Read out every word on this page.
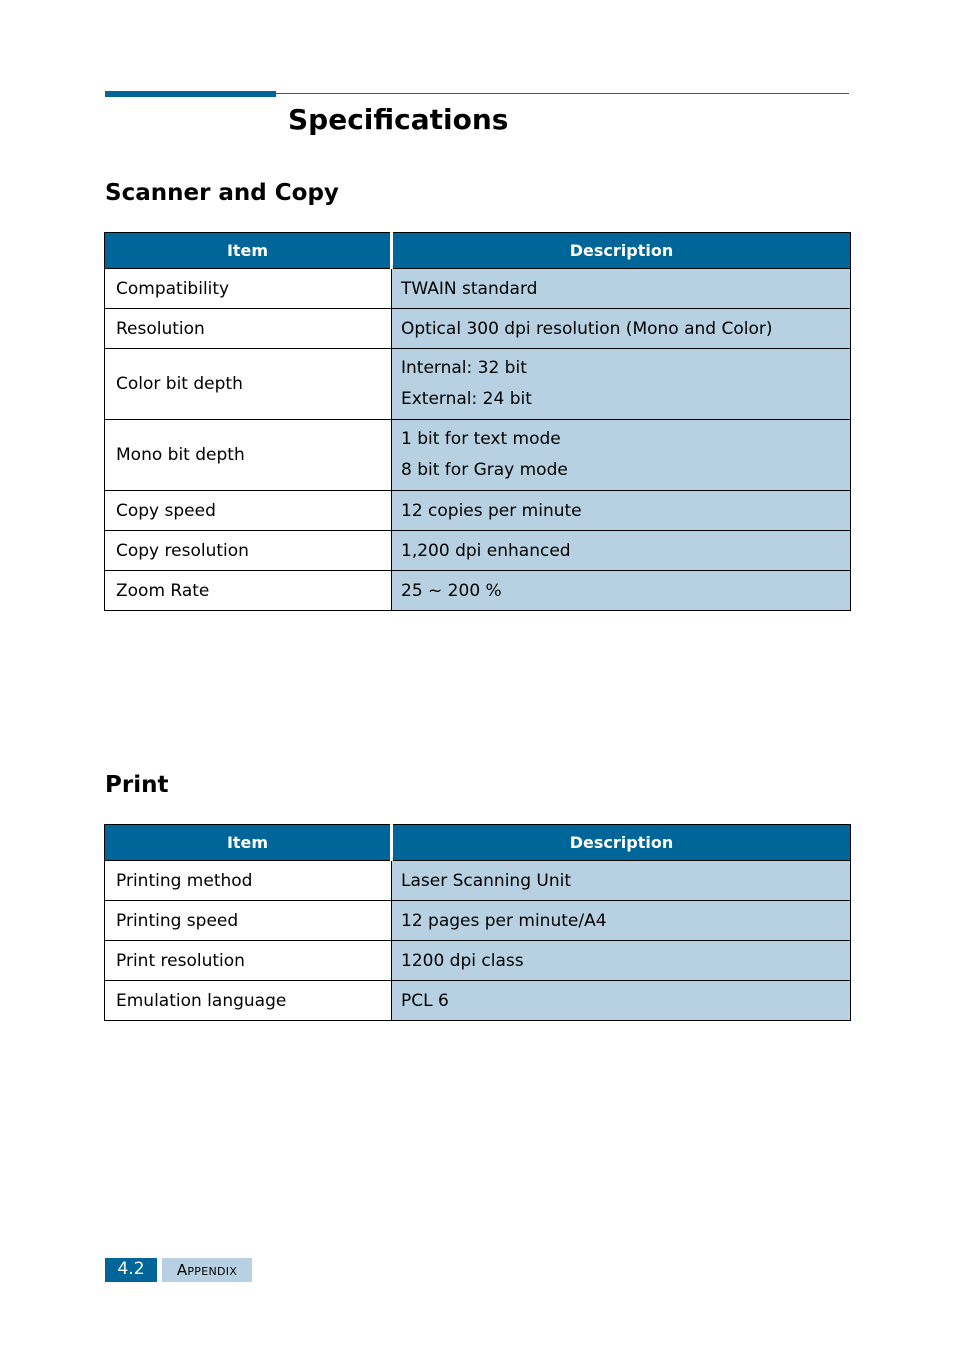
Specifications
Scanner and Copy
Item	Description
Compatibility	TWAIN standard
Resolution	Optical 300 dpi resolution (Mono and Color)
Color bit depth	Internal: 32 bit
External: 24 bit

Mono bit depth	1 bit for text mode
8 bit for Gray mode

Copy speed	12 copies per minute
Copy resolution	1,200 dpi enhanced
Zoom Rate	25 ~ 200 %
Print
Item	Description
Printing method	Laser Scanning Unit
Printing speed	12 pages per minute/A4
Print resolution	1200 dpi class
Emulation language	PCL 6
4.2	Appendix
